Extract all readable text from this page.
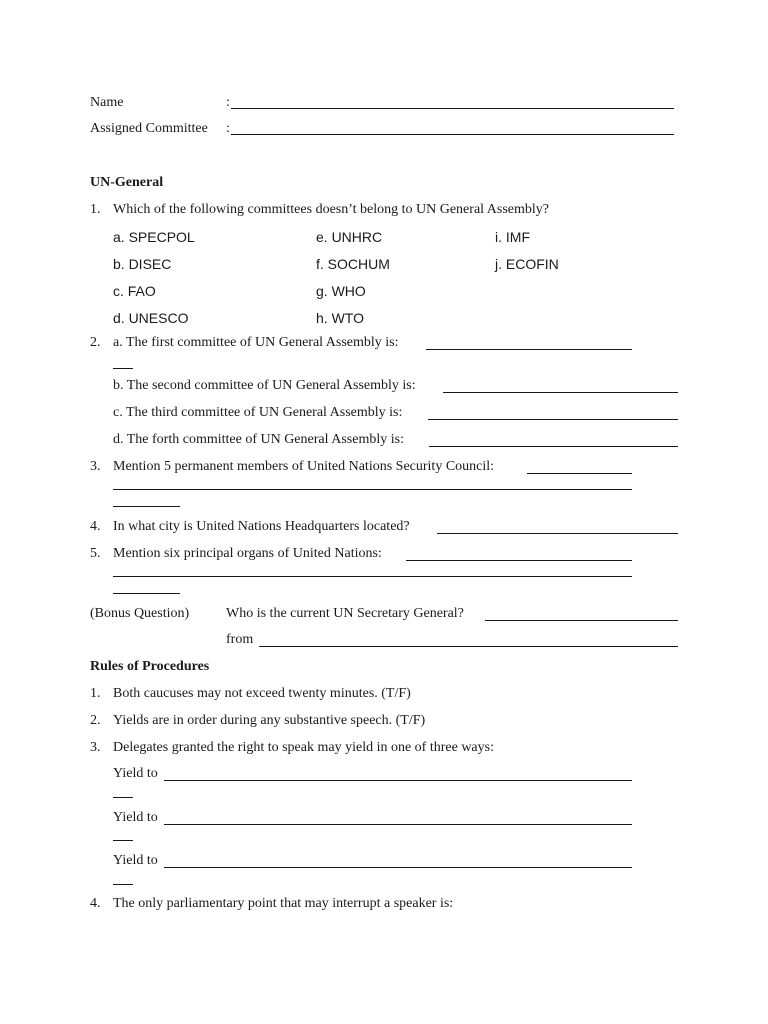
Name	:
Assigned Committee :
UN-General
1. Which of the following committees doesn’t belong to UN General Assembly?
a. SPECPOL
b. DISEC
c. FAO
d. UNESCO
e. UNHRC
f. SOCHUM
g. WHO
h. WTO
i. IMF
j. ECOFIN
2. a. The first committee of UN General Assembly is:
b. The second committee of UN General Assembly is:
c. The third committee of UN General Assembly is:
d. The forth committee of UN General Assembly is:
3. Mention 5 permanent members of United Nations Security Council:
4. In what city is United Nations Headquarters located?
5. Mention six principal organs of United Nations:
(Bonus Question)	Who is the current UN Secretary General?
from
Rules of Procedures
1. Both caucuses may not exceed twenty minutes. (T/F)
2. Yields are in order during any substantive speech. (T/F)
3. Delegates granted the right to speak may yield in one of three ways:
Yield to
Yield to
Yield to
4. The only parliamentary point that may interrupt a speaker is:
